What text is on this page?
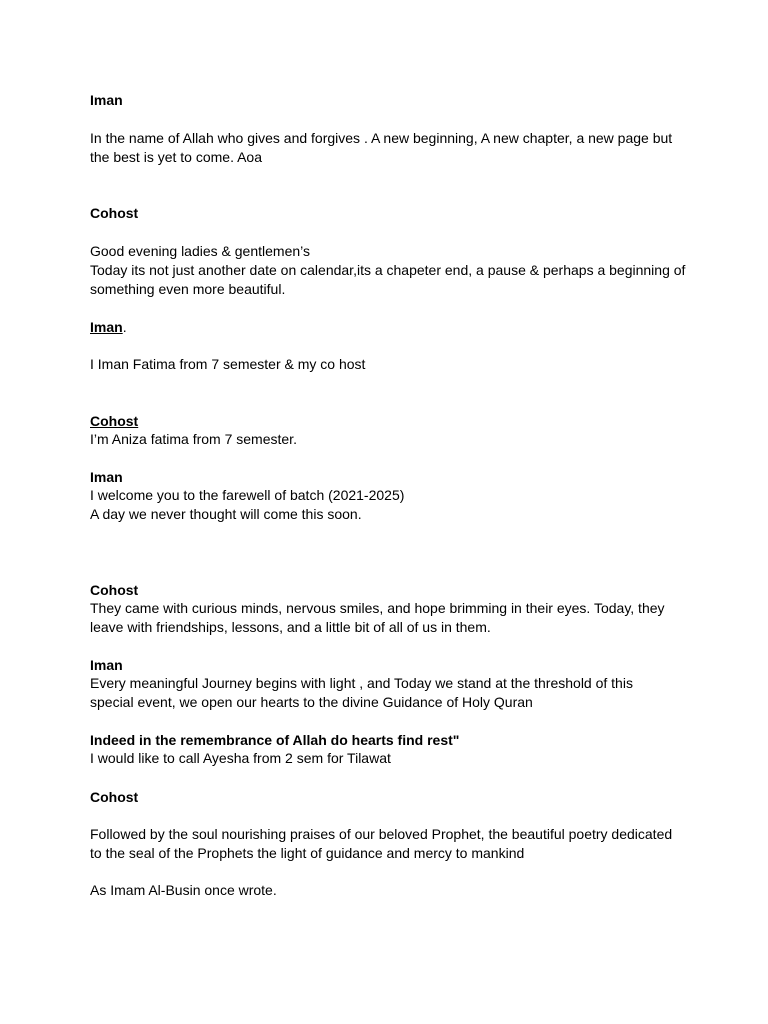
Iman
In the name of Allah who gives and forgives . A new beginning, A new chapter, a new page but
the best is yet to come. Aoa
Cohost
Good evening ladies & gentlemen’s
Today its not just another date on calendar,its a chapeter end, a pause & perhaps a beginning of
something even more beautiful.
Iman.
I Iman Fatima from 7 semester & my co host
Cohost
I’m Aniza fatima from 7 semester.
Iman
I welcome you to the farewell of batch (2021-2025)
A day we never thought will come this soon.
Cohost
They came with curious minds, nervous smiles, and hope brimming in their eyes. Today, they
leave with friendships, lessons, and a little bit of all of us in them.
Iman
Every meaningful Journey begins with light , and Today we stand at the threshold of this
special event, we open our hearts to the divine Guidance of Holy Quran
Indeed in the remembrance of Allah do hearts find rest"
I would like to call Ayesha from 2 sem for Tilawat
Cohost
Followed by the soul nourishing praises of our beloved Prophet, the beautiful poetry dedicated
to the seal of the Prophets the light of guidance and mercy to mankind
As Imam Al-Busin once wrote.
